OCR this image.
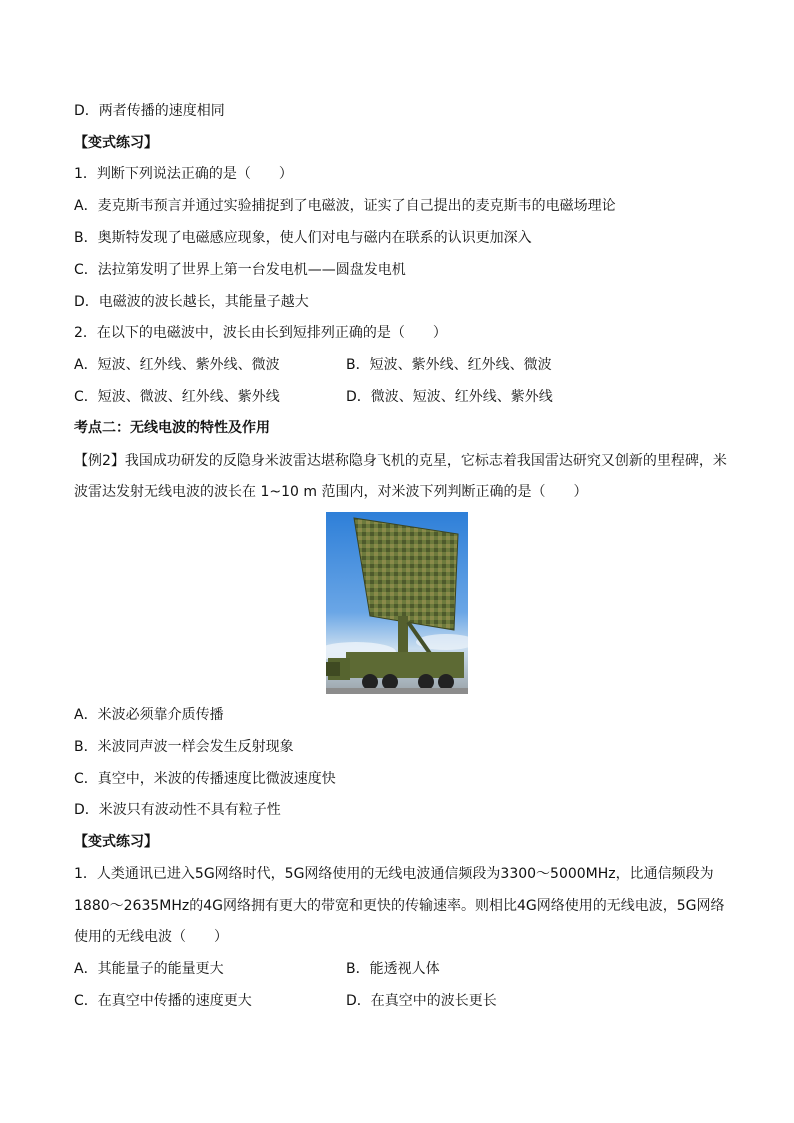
D．两者传播的速度相同
【变式练习】
1．判断下列说法正确的是（　　）
A．麦克斯韦预言并通过实验捕捉到了电磁波，证实了自己提出的麦克斯韦的电磁场理论
B．奥斯特发现了电磁感应现象，使人们对电与磁内在联系的认识更加深入
C．法拉第发明了世界上第一台发电机——圆盘发电机
D．电磁波的波长越长，其能量子越大
2．在以下的电磁波中，波长由长到短排列正确的是（　　）
A．短波、红外线、紫外线、微波	B．短波、紫外线、红外线、微波
C．短波、微波、红外线、紫外线	D．微波、短波、红外线、紫外线
考点二：无线电波的特性及作用
【例2】我国成功研发的反隐身米波雷达堪称隐身飞机的克星，它标志着我国雷达研究又创新的里程碑，米
波雷达发射无线电波的波长在 1~10 m 范围内，对米波下列判断正确的是（　　）
A．米波必须靠介质传播
B．米波同声波一样会发生反射现象
C．真空中，米波的传播速度比微波速度快
D．米波只有波动性不具有粒子性
【变式练习】
1．人类通讯已进入5G网络时代，5G网络使用的无线电波通信频段为3300～5000MHz，比通信频段为
1880～2635MHz的4G网络拥有更大的带宽和更快的传输速率。则相比4G网络使用的无线电波，5G网络
使用的无线电波（　　）
A．其能量子的能量更大	B．能透视人体
C．在真空中传播的速度更大	D．在真空中的波长更长
